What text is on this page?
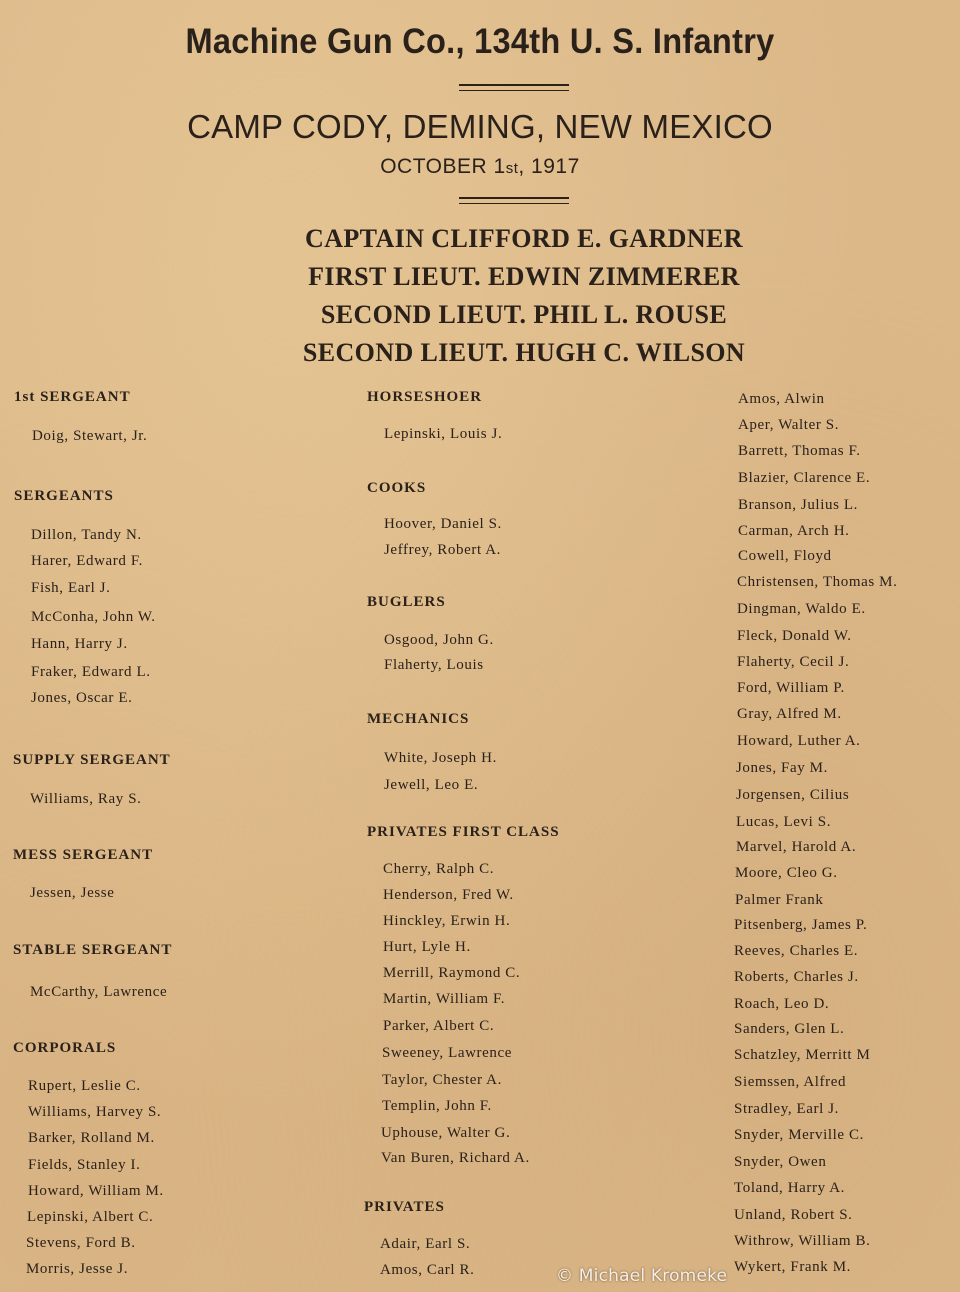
Machine Gun Co., 134th U. S. Infantry
CAMP CODY, DEMING, NEW MEXICO
OCTOBER 1st, 1917
CAPTAIN CLIFFORD E. GARDNER
FIRST LIEUT. EDWIN ZIMMERER
SECOND LIEUT. PHIL L. ROUSE
SECOND LIEUT. HUGH C. WILSON
1st SERGEANT
Doig, Stewart, Jr.
SERGEANTS
Dillon, Tandy N.
Harer, Edward F.
Fish, Earl J.
McConha, John W.
Hann, Harry J.
Fraker, Edward L.
Jones, Oscar E.
SUPPLY SERGEANT
Williams, Ray S.
MESS SERGEANT
Jessen, Jesse
STABLE SERGEANT
McCarthy, Lawrence
CORPORALS
Rupert, Leslie C.
Williams, Harvey S.
Barker, Rolland M.
Fields, Stanley I.
Howard, William M.
Lepinski, Albert C.
Stevens, Ford B.
Morris, Jesse J.
HORSESHOER
Lepinski, Louis J.
COOKS
Hoover, Daniel S.
Jeffrey, Robert A.
BUGLERS
Osgood, John G.
Flaherty, Louis
MECHANICS
White, Joseph H.
Jewell, Leo E.
PRIVATES FIRST CLASS
Cherry, Ralph C.
Henderson, Fred W.
Hinckley, Erwin H.
Hurt, Lyle H.
Merrill, Raymond C.
Martin, William F.
Parker, Albert C.
Sweeney, Lawrence
Taylor, Chester A.
Templin, John F.
Uphouse, Walter G.
Van Buren, Richard A.
PRIVATES
Adair, Earl S.
Amos, Carl R.
Amos, Alwin
Aper, Walter S.
Barrett, Thomas F.
Blazier, Clarence E.
Branson, Julius L.
Carman, Arch H.
Cowell, Floyd
Christensen, Thomas M.
Dingman, Waldo E.
Fleck, Donald W.
Flaherty, Cecil J.
Ford, William P.
Gray, Alfred M.
Howard, Luther A.
Jones, Fay M.
Jorgensen, Cilius
Lucas, Levi S.
Marvel, Harold A.
Moore, Cleo G.
Palmer Frank
Pitsenberg, James P.
Reeves, Charles E.
Roberts, Charles J.
Roach, Leo D.
Sanders, Glen L.
Schatzley, Merritt M
Siemssen, Alfred
Stradley, Earl J.
Snyder, Merville C.
Snyder, Owen
Toland, Harry A.
Unland, Robert S.
Withrow, William B.
Wykert, Frank M.
© Michael Kromeke
